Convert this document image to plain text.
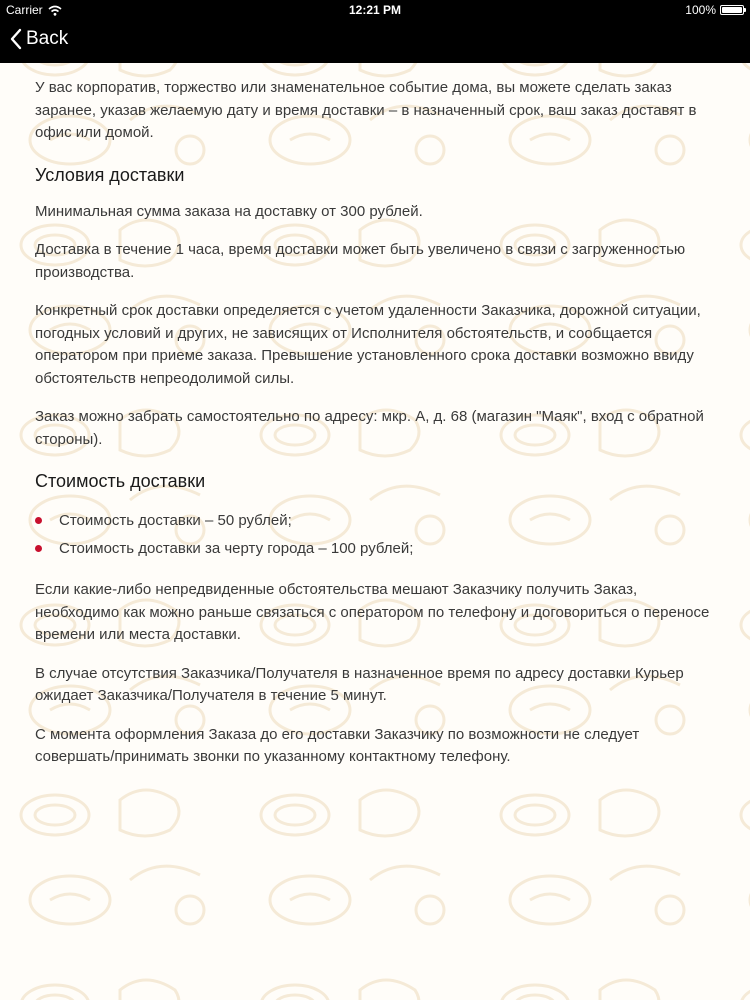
Carrier	12:21 PM	100%
Back

У вас корпоратив, торжество или знаменательное событие дома, вы можете сделать заказ заранее, указав желаемую дату и время доставки – в назначенный срок, ваш заказ доставят в офис или домой.

Условия доставки

Минимальная сумма заказа на доставку от 300 рублей.

Доставка в течение 1 часа, время доставки может быть увеличено в связи с загруженностью производства.

Конкретный срок доставки определяется с учетом удаленности Заказчика, дорожной ситуации, погодных условий и других, не зависящих от Исполнителя обстоятельств, и сообщается оператором при приеме заказа. Превышение установленного срока доставки возможно ввиду обстоятельств непреодолимой силы.

Заказ можно забрать самостоятельно по адресу: мкр. А, д. 68 (магазин "Маяк", вход с обратной стороны).

Стоимость доставки
Стоимость доставки – 50 рублей;
Стоимость доставки за черту города – 100 рублей;

Если какие-либо непредвиденные обстоятельства мешают Заказчику получить Заказ, необходимо как можно раньше связаться с оператором по телефону и договориться о переносе времени или места доставки.

В случае отсутствия Заказчика/Получателя в назначенное время по адресу доставки Курьер ожидает Заказчика/Получателя в течение 5 минут.

С момента оформления Заказа до его доставки Заказчику по возможности не следует совершать/принимать звонки по указанному контактному телефону.
